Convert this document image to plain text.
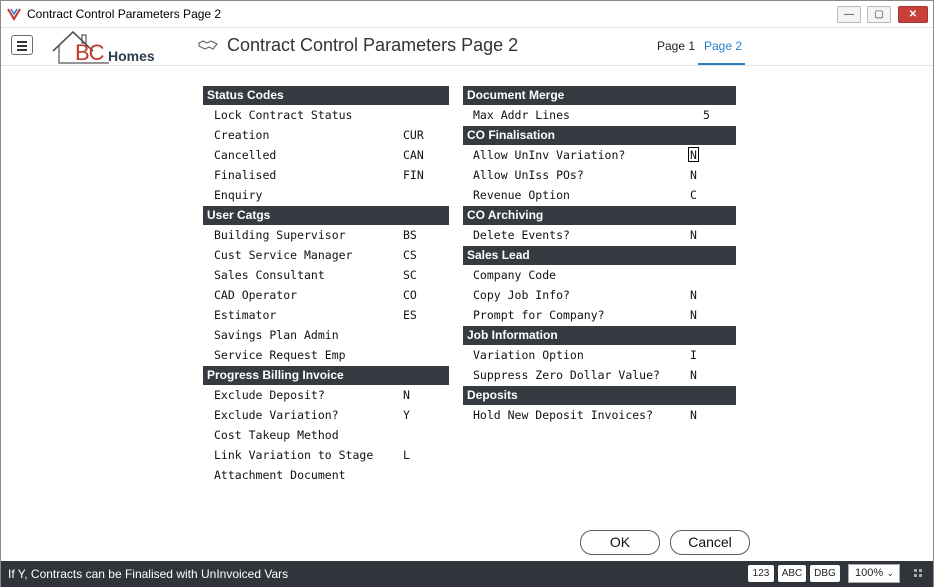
Contract Control Parameters Page 2	—	▢	✕
BC Homes
Contract Control Parameters Page 2	Page 1 Page 2
Status Codes
Lock Contract Status
Creation	CUR
Cancelled	CAN
Finalised	FIN
Enquiry
User Catgs
Building Supervisor	BS
Cust Service Manager	CS
Sales Consultant	SC
CAD Operator	CO
Estimator	ES
Savings Plan Admin
Service Request Emp
Progress Billing Invoice
Exclude Deposit?	N
Exclude Variation?	Y
Cost Takeup Method
Link Variation to Stage	L
Attachment Document
Document Merge
Max Addr Lines	5
CO Finalisation
Allow UnInv Variation?	N
Allow UnIss POs?	N
Revenue Option	C
CO Archiving
Delete Events?	N
Sales Lead
Company Code
Copy Job Info?	N
Prompt for Company?	N
Job Information
Variation Option	I
Suppress Zero Dollar Value?	N
Deposits
Hold New Deposit Invoices?	N
OK	Cancel
If Y, Contracts can be Finalised with UnInvoiced Vars	123	ABC	DBG	100% ⌄
